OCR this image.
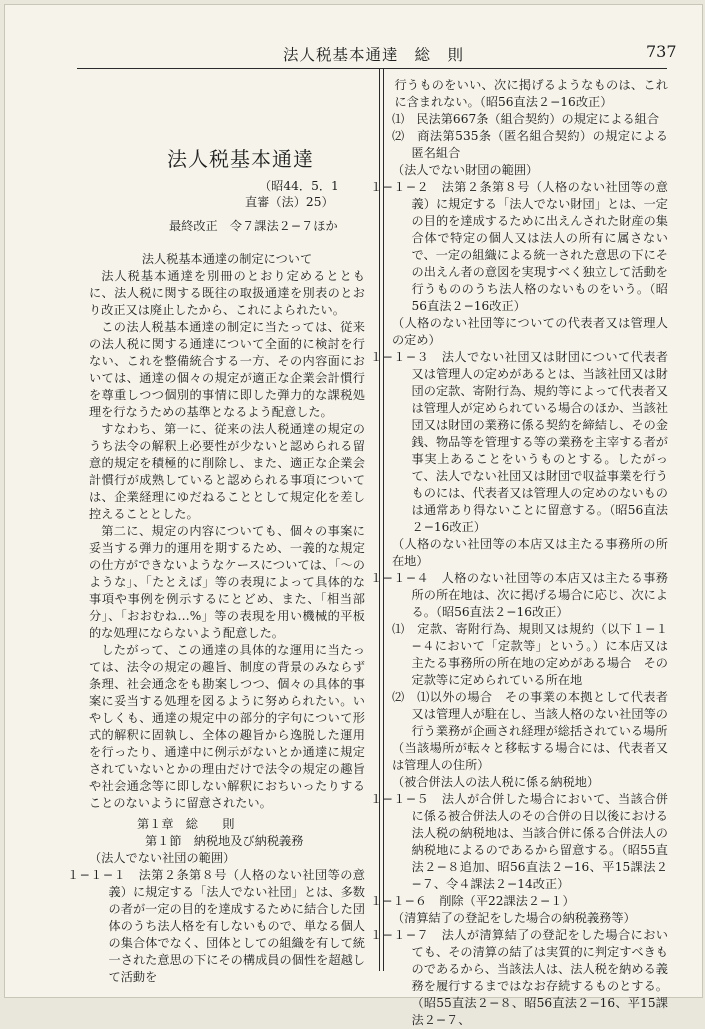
法人税基本通達 総　則	737

法人税基本通達

（昭44．5．1

直審（法）25）

最終改正　令７課法２−７ほか

法人税基本通達の制定について

法人税基本通達を別冊のとおり定めるとともに、法人税に関する既往の取扱通達を別表のとおり改正又は廃止したから、これによられたい。

この法人税基本通達の制定に当たっては、従来の法人税に関する通達について全面的に検討を行ない、これを整備統合する一方、その内容面においては、通達の個々の規定が適正な企業会計慣行を尊重しつつ個別的事情に即した弾力的な課税処理を行なうための基準となるよう配意した。

すなわち、第一に、従来の法人税通達の規定のうち法令の解釈上必要性が少ないと認められる留意的規定を積極的に削除し、また、適正な企業会計慣行が成熟していると認められる事項については、企業経理にゆだねることとして規定化を差し控えることとした。

第二に、規定の内容についても、個々の事案に妥当する弾力的運用を期するため、一義的な規定の仕方ができないようなケースについては、「〜のような」、「たとえば」等の表現によって具体的な事項や事例を例示するにとどめ、また、「相当部分」、「おおむね…%」等の表現を用い機械的平板的な処理にならないよう配意した。

したがって、この通達の具体的な運用に当たっては、法令の規定の趣旨、制度の背景のみならず条理、社会通念をも勘案しつつ、個々の具体的事案に妥当する処理を図るように努められたい。いやしくも、通達の規定中の部分的字句について形式的解釈に固執し、全体の趣旨から逸脱した運用を行ったり、通達中に例示がないとか通達に規定されていないとかの理由だけで法令の規定の趣旨や社会通念等に即しない解釈におちいったりすることのないように留意されたい。

第１章　総　　則

第１節　納税地及び納税義務

（法人でない社団の範囲）

１−１−１　法第２条第８号（人格のない社団等の意義）に規定する「法人でない社団」とは、多数の者が一定の目的を達成するために結合した団体のうち法人格を有しないもので、単なる個人の集合体でなく、団体としての組織を有して統一された意思の下にその構成員の個性を超越して活動を

行うものをいい、次に掲げるようなものは、これに含まれない。（昭56直法２−16改正）

⑴　民法第667条（組合契約）の規定による組合

⑵　商法第535条（匿名組合契約）の規定による匿名組合

（法人でない財団の範囲）

１−１−２　法第２条第８号（人格のない社団等の意義）に規定する「法人でない財団」とは、一定の目的を達成するために出えんされた財産の集合体で特定の個人又は法人の所有に属さないで、一定の組織による統一された意思の下にその出えん者の意図を実現すべく独立して活動を行うもののうち法人格のないものをいう。（昭56直法２−16改正）

（人格のない社団等についての代表者又は管理人の定め）

１−１−３　法人でない社団又は財団について代表者又は管理人の定めがあるとは、当該社団又は財団の定款、寄附行為、規約等によって代表者又は管理人が定められている場合のほか、当該社団又は財団の業務に係る契約を締結し、その金銭、物品等を管理する等の業務を主宰する者が事実上あることをいうものとする。したがって、法人でない社団又は財団で収益事業を行うものには、代表者又は管理人の定めのないものは通常あり得ないことに留意する。（昭56直法２−16改正）

（人格のない社団等の本店又は主たる事務所の所在地）

１−１−４　人格のない社団等の本店又は主たる事務所の所在地は、次に掲げる場合に応じ、次による。（昭56直法２−16改正）

⑴　定款、寄附行為、規則又は規約（以下１−１−４において「定款等」という。）に本店又は主たる事務所の所在地の定めがある場合　その定款等に定められている所在地

⑵　⑴以外の場合　その事業の本拠として代表者又は管理人が駐在し、当該人格のない社団等の行う業務が企画され経理が総括されている場所

（当該場所が転々と移転する場合には、代表者又は管理人の住所）

（被合併法人の法人税に係る納税地）

１−１−５　法人が合併した場合において、当該合併に係る被合併法人のその合併の日以後における法人税の納税地は、当該合併に係る合併法人の納税地によるのであるから留意する。（昭55直法２−８追加、昭56直法２−16、平15課法２−７、令４課法２−14改正）

１−１−６　削除（平22課法２−１）

（清算結了の登記をした場合の納税義務等）

１−１−７　法人が清算結了の登記をした場合においても、その清算の結了は実質的に判定すべきものであるから、当該法人は、法人税を納める義務を履行するまではなお存続するものとする。（昭55直法２−８、昭56直法２−16、平15課法２−７、
